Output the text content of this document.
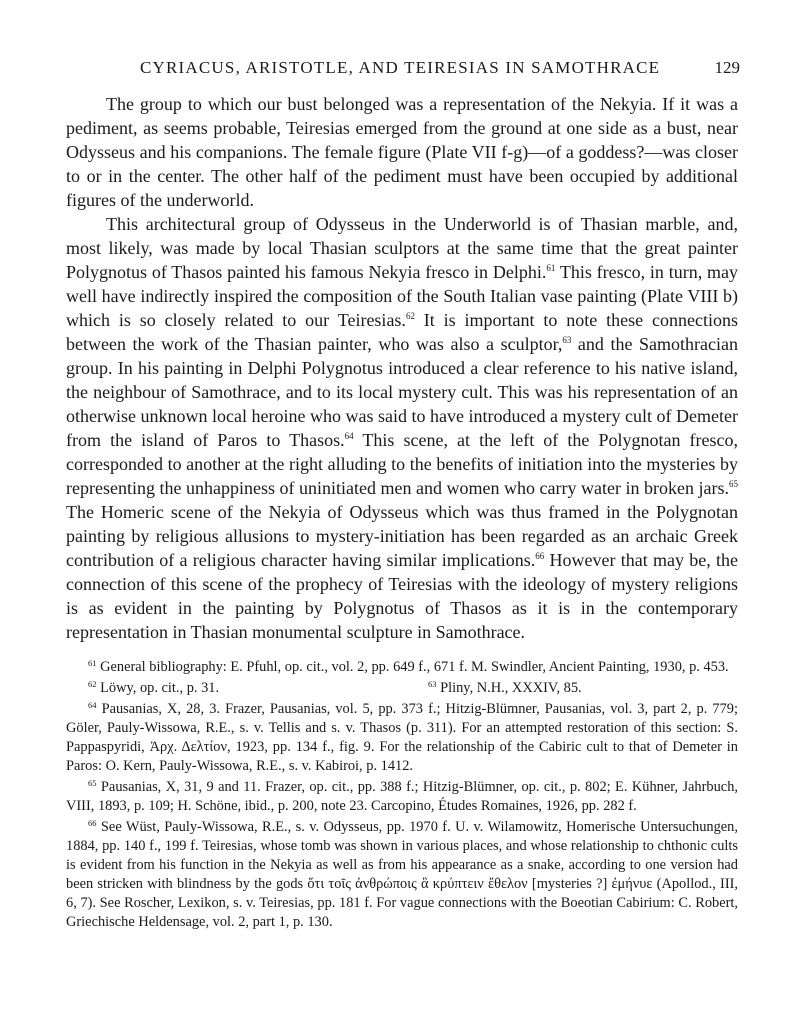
CYRIACUS, ARISTOTLE, AND TEIRESIAS IN SAMOTHRACE	129

The group to which our bust belonged was a representation of the Nekyia. If it was a pediment, as seems probable, Teiresias emerged from the ground at one side as a bust, near Odysseus and his companions. The female figure (Plate VII f-g)—of a goddess?—was closer to or in the center. The other half of the pediment must have been occupied by additional figures of the underworld.

This architectural group of Odysseus in the Underworld is of Thasian marble, and, most likely, was made by local Thasian sculptors at the same time that the great painter Polygnotus of Thasos painted his famous Nekyia fresco in Delphi.$^{61}$ This fresco, in turn, may well have indirectly inspired the composition of the South Italian vase painting (Plate VIII b) which is so closely related to our Teiresias.$^{62}$ It is important to note these connections between the work of the Thasian painter, who was also a sculptor,$^{63}$ and the Samothracian group. In his painting in Delphi Polygnotus introduced a clear reference to his native island, the neighbour of Samothrace, and to its local mystery cult. This was his representation of an otherwise unknown local heroine who was said to have introduced a mystery cult of Demeter from the island of Paros to Thasos.$^{64}$ This scene, at the left of the Polygnotan fresco, corresponded to another at the right alluding to the benefits of initiation into the mysteries by representing the unhappiness of uninitiated men and women who carry water in broken jars.$^{65}$ The Homeric scene of the Nekyia of Odysseus which was thus framed in the Polygnotan painting by religious allusions to mystery-initiation has been regarded as an archaic Greek contribution of a religious character having similar implications.$^{66}$ However that may be, the connection of this scene of the prophecy of Teiresias with the ideology of mystery religions is as evident in the painting by Polygnotus of Thasos as it is in the contemporary representation in Thasian monumental sculpture in Samothrace.

$^{61}$ General bibliography: E. Pfuhl, op. cit., vol. 2, pp. 649 f., 671 f. M. Swindler, Ancient Painting, 1930, p. 453.

$^{62}$ Löwy, op. cit., p. 31.	$^{63}$ Pliny, N.H., XXXIV, 85.

$^{64}$ Pausanias, X, 28, 3. Frazer, Pausanias, vol. 5, pp. 373 f.; Hitzig-Blümner, Pausanias, vol. 3, part 2, p. 779; Göler, Pauly-Wissowa, R.E., s. v. Tellis and s. v. Thasos (p. 311). For an attempted restoration of this section: S. Pappaspyridi, Ἀρχ. Δελτίον, 1923, pp. 134 f., fig. 9. For the relationship of the Cabiric cult to that of Demeter in Paros: O. Kern, Pauly-Wissowa, R.E., s. v. Kabiroi, p. 1412.

$^{65}$ Pausanias, X, 31, 9 and 11. Frazer, op. cit., pp. 388 f.; Hitzig-Blümner, op. cit., p. 802; E. Kühner, Jahrbuch, VIII, 1893, p. 109; H. Schöne, ibid., p. 200, note 23. Carcopino, Études Romaines, 1926, pp. 282 f.

$^{66}$ See Wüst, Pauly-Wissowa, R.E., s. v. Odysseus, pp. 1970 f. U. v. Wilamowitz, Homerische Untersuchungen, 1884, pp. 140 f., 199 f. Teiresias, whose tomb was shown in various places, and whose relationship to chthonic cults is evident from his function in the Nekyia as well as from his appearance as a snake, according to one version had been stricken with blindness by the gods ὅτι τοῖς ἀνθρώποις ἃ κρύπτειν ἔθελον [mysteries ?] ἐμήνυε (Apollod., III, 6, 7). See Roscher, Lexikon, s. v. Teiresias, pp. 181 f. For vague connections with the Boeotian Cabirium: C. Robert, Griechische Heldensage, vol. 2, part 1, p. 130.
